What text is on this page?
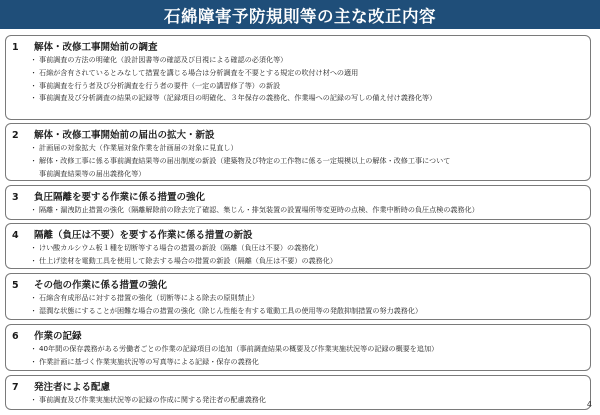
石綿障害予防規則等の主な改正内容
1	解体・改修工事開始前の調査
・ 事前調査の方法の明確化（設計図書等の確認及び目視による確認の必須化等）
・ 石綿が含有されているとみなして措置を講じる場合は分析調査を不要とする規定の吹付け材への適用
・ 事前調査を行う者及び分析調査を行う者の要件（一定の講習修了等）の新設
・ 事前調査及び分析調査の結果の記録等（記録項目の明確化、３年保存の義務化、作業場への記録の写しの備え付け義務化等）
2	解体・改修工事開始前の届出の拡大・新設
・ 計画届の対象拡大（作業届対象作業を計画届の対象に見直し）
・ 解体・改修工事に係る事前調査結果等の届出制度の新設（建築物及び特定の工作物に係る一定規模以上の解体・改修工事について
事前調査結果等の届出義務化等）
3	負圧隔離を要する作業に係る措置の強化
・ 隔離・漏洩防止措置の強化（隔離解除前の除去完了確認、集じん・排気装置の設置場所等変更時の点検、作業中断時の負圧点検の義務化）
4	隔離（負圧は不要）を要する作業に係る措置の新設
・ けい酸カルシウム板１種を切断等する場合の措置の新設（隔離（負圧は不要）の義務化）
・ 仕上げ塗材を電動工具を使用して除去する場合の措置の新設（隔離（負圧は不要）の義務化）
5	その他の作業に係る措置の強化
・ 石綿含有成形品に対する措置の強化（切断等による除去の原則禁止）
・ 湿潤な状態にすることが困難な場合の措置の強化（除じん性能を有する電動工具の使用等の発散抑制措置の努力義務化）
6	作業の記録
・ 40年間の保存義務がある労働者ごとの作業の記録項目の追加（事前調査結果の概要及び作業実施状況等の記録の概要を追加）
・ 作業計画に基づく作業実施状況等の写真等による記録・保存の義務化
7	発注者による配慮
・ 事前調査及び作業実施状況等の記録の作成に関する発注者の配慮義務化
4
